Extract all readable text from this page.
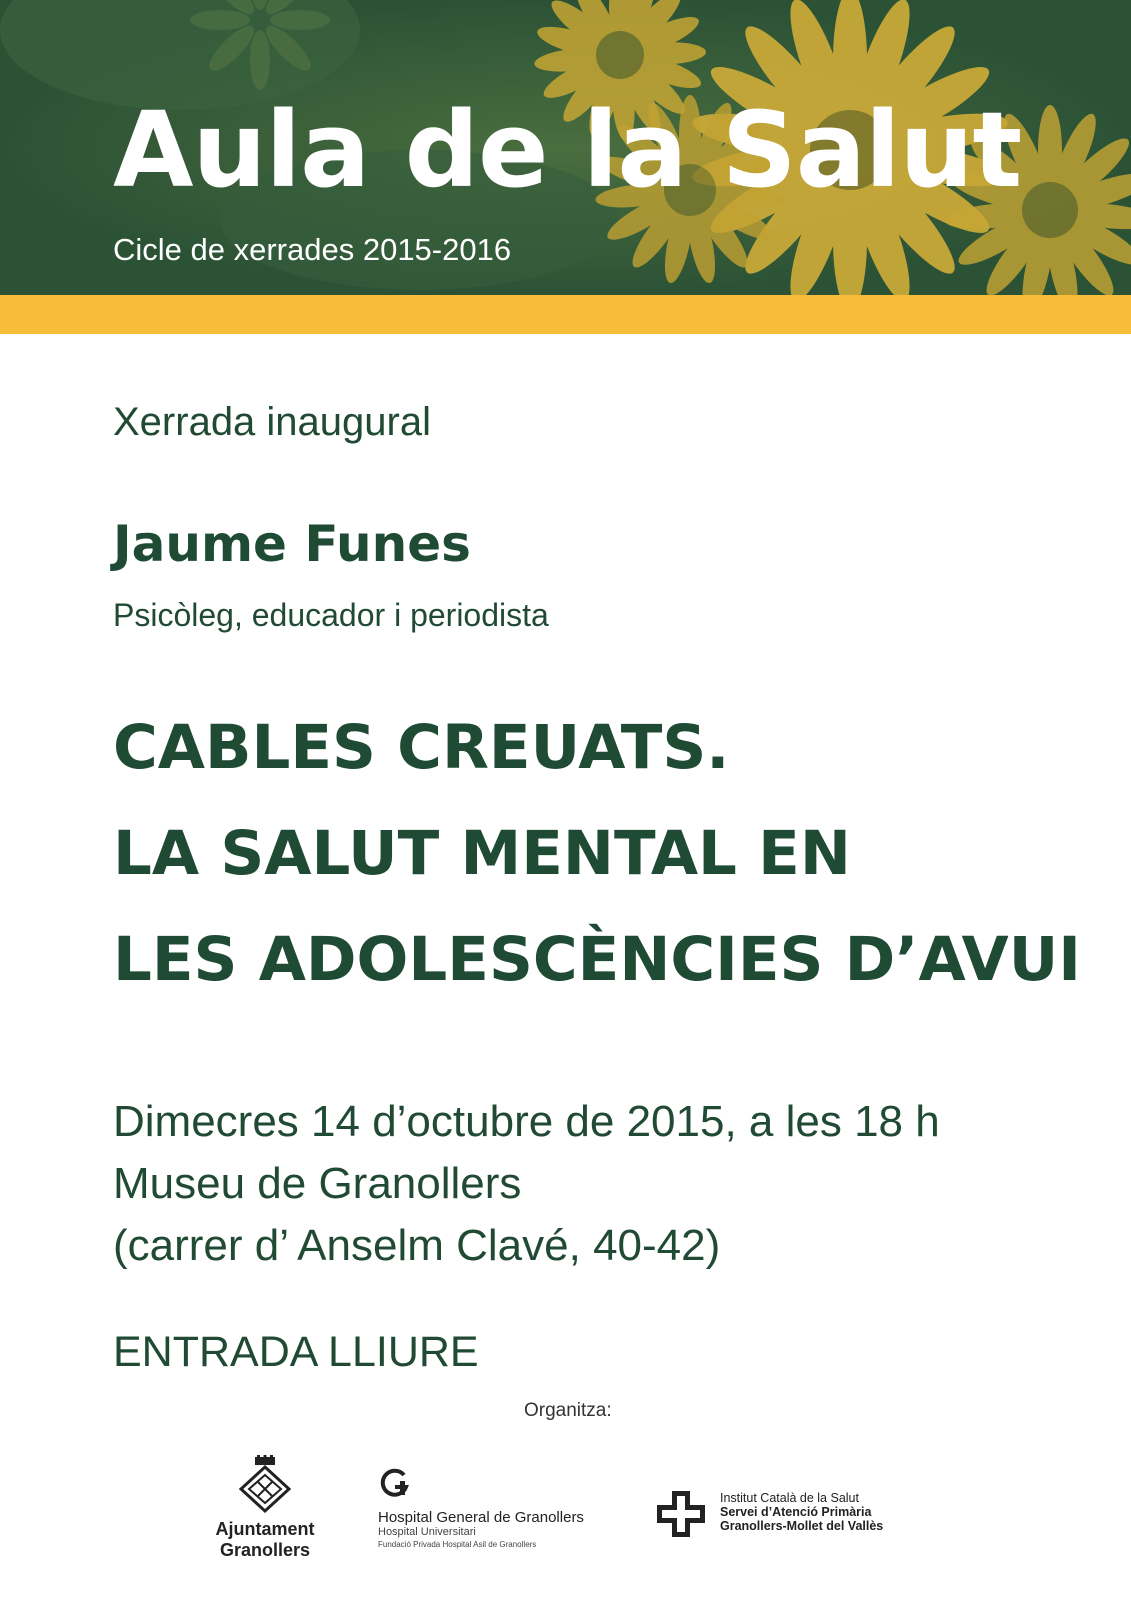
Aula de la Salut
Cicle de xerrades 2015-2016
Xerrada inaugural
Jaume Funes
Psicòleg, educador i periodista
CABLES CREUATS.
LA SALUT MENTAL EN
LES ADOLESCÈNCIES D’AVUI
Dimecres 14 d’octubre de 2015, a les 18 h
Museu de Granollers
(carrer d’ Anselm Clavé, 40-42)
ENTRADA LLIURE
Organitza:
Ajuntament
Granollers
Hospital General de Granollers
Hospital Universitari
Fundació Privada Hospital Asil de Granollers
Institut Català de la Salut
Servei d’Atenció Primària
Granollers-Mollet del Vallès
